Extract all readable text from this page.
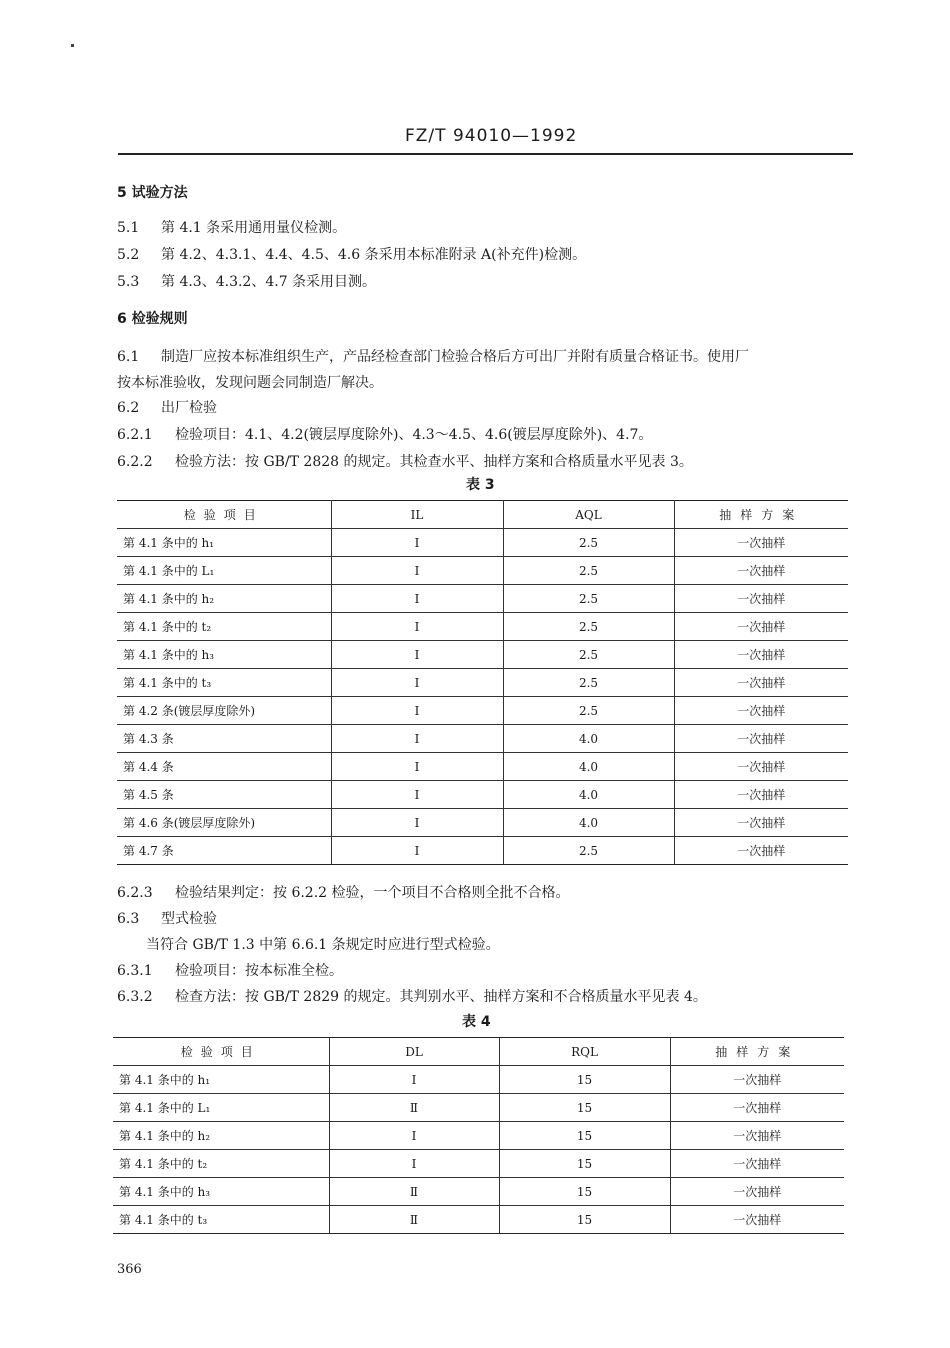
FZ/T 94010—1992
5 试验方法
5.1 第 4.1 条采用通用量仪检测。
5.2 第 4.2、4.3.1、4.4、4.5、4.6 条采用本标准附录 A(补充件)检测。
5.3 第 4.3、4.3.2、4.7 条采用目测。
6 检验规则
6.1 制造厂应按本标准组织生产，产品经检查部门检验合格后方可出厂并附有质量合格证书。使用厂
按本标准验收，发现问题会同制造厂解决。
6.2 出厂检验
6.2.1 检验项目：4.1、4.2(镀层厚度除外)、4.3～4.5、4.6(镀层厚度除外)、4.7。
6.2.2 检验方法：按 GB/T 2828 的规定。其检查水平、抽样方案和合格质量水平见表 3。
表 3
检验项目	IL	AQL	抽样方案
第 4.1 条中的 h₁	I	2.5	一次抽样
第 4.1 条中的 L₁	I	2.5	一次抽样
第 4.1 条中的 h₂	I	2.5	一次抽样
第 4.1 条中的 t₂	I	2.5	一次抽样
第 4.1 条中的 h₃	I	2.5	一次抽样
第 4.1 条中的 t₃	I	2.5	一次抽样
第 4.2 条(镀层厚度除外)	I	2.5	一次抽样
第 4.3 条	I	4.0	一次抽样
第 4.4 条	I	4.0	一次抽样
第 4.5 条	I	4.0	一次抽样
第 4.6 条(镀层厚度除外)	I	4.0	一次抽样
第 4.7 条	I	2.5	一次抽样
6.2.3 检验结果判定：按 6.2.2 检验，一个项目不合格则全批不合格。
6.3 型式检验
当符合 GB/T 1.3 中第 6.6.1 条规定时应进行型式检验。
6.3.1 检验项目：按本标准全检。
6.3.2 检查方法：按 GB/T 2829 的规定。其判别水平、抽样方案和不合格质量水平见表 4。
表 4
检验项目	DL	RQL	抽样方案
第 4.1 条中的 h₁	Ⅰ	15	一次抽样
第 4.1 条中的 L₁	Ⅱ	15	一次抽样
第 4.1 条中的 h₂	Ⅰ	15	一次抽样
第 4.1 条中的 t₂	Ⅰ	15	一次抽样
第 4.1 条中的 h₃	Ⅱ	15	一次抽样
第 4.1 条中的 t₃	Ⅱ	15	一次抽样
366
